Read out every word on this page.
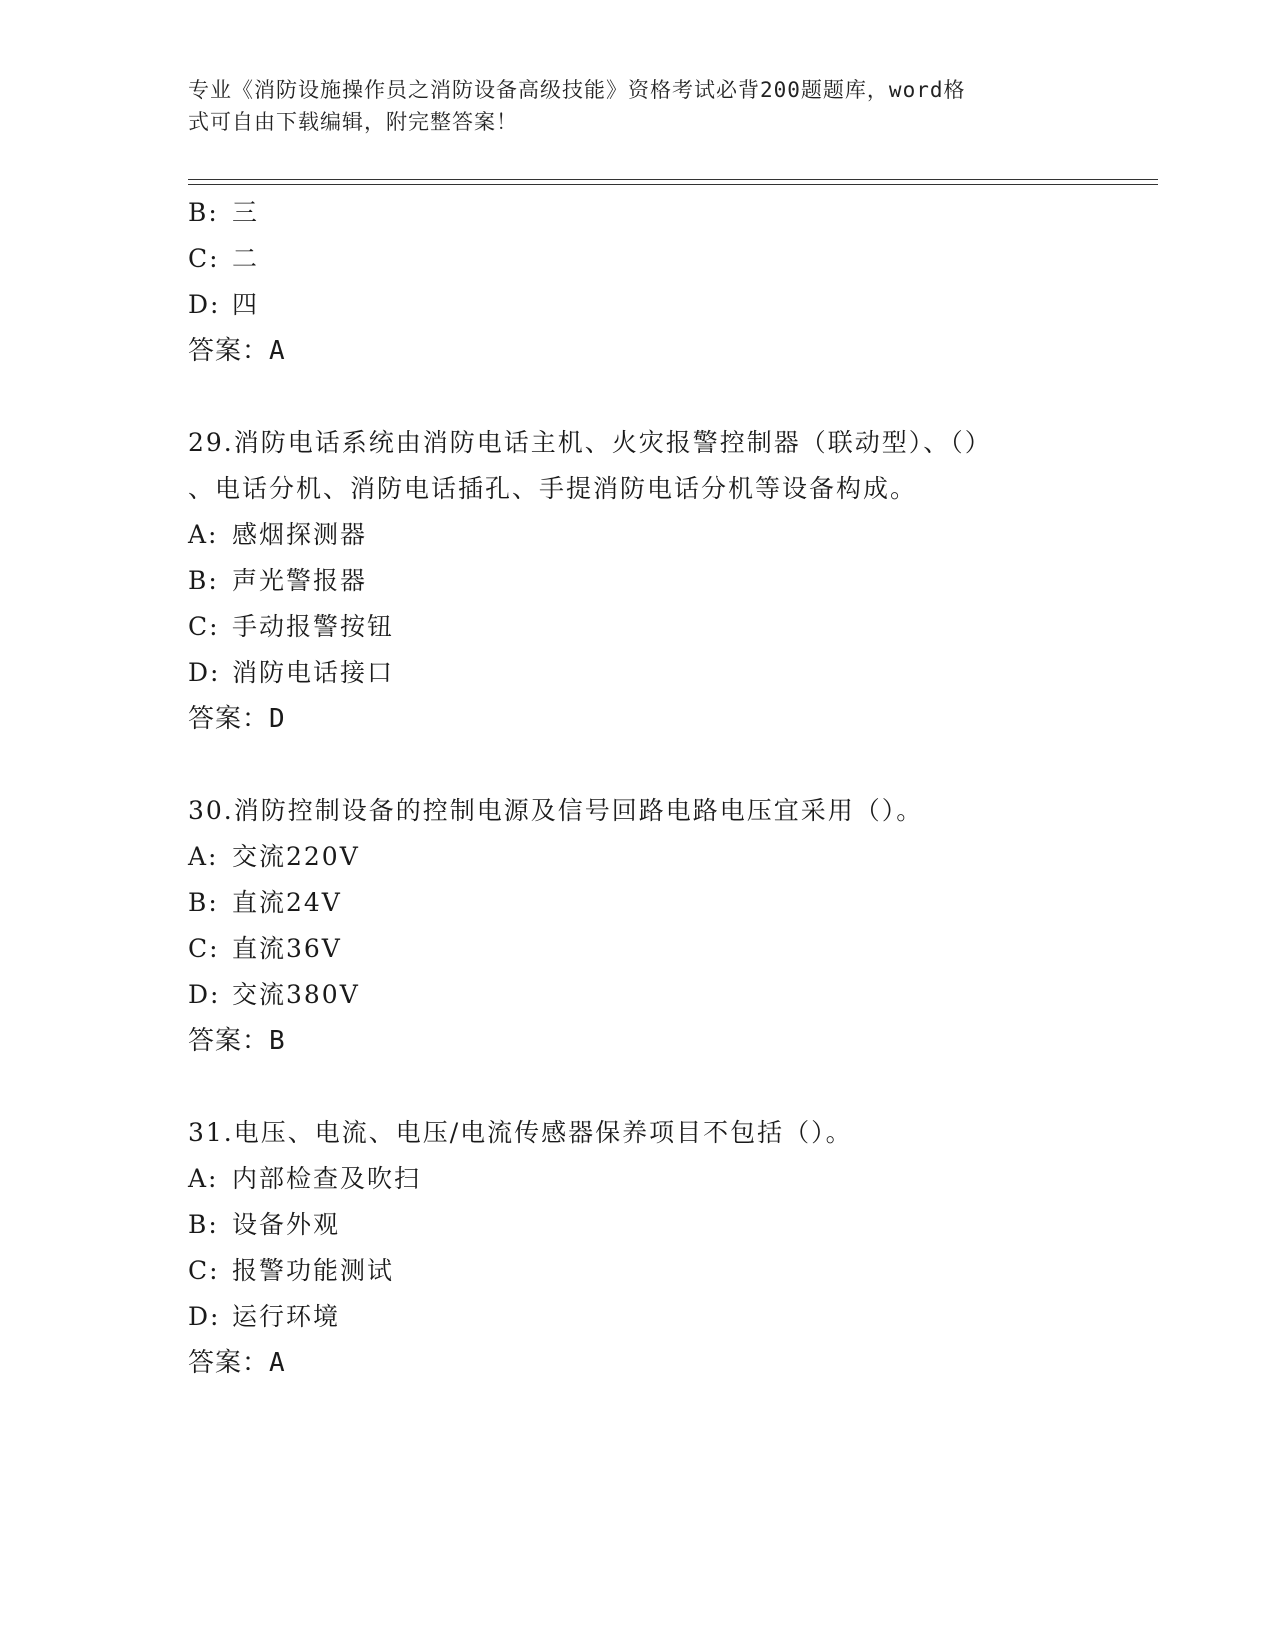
专业《消防设施操作员之消防设备高级技能》资格考试必背200题题库，word格
式可自由下载编辑，附完整答案！
B: 三
C: 二
D: 四
答案：A
29.消防电话系统由消防电话主机、火灾报警控制器（联动型）、（）
、电话分机、消防电话插孔、手提消防电话分机等设备构成。
A: 感烟探测器
B: 声光警报器
C: 手动报警按钮
D: 消防电话接口
答案：D
30.消防控制设备的控制电源及信号回路电路电压宜采用（）。
A: 交流220V
B: 直流24V
C: 直流36V
D: 交流380V
答案：B
31.电压、电流、电压/电流传感器保养项目不包括（）。
A: 内部检查及吹扫
B: 设备外观
C: 报警功能测试
D: 运行环境
答案：A
